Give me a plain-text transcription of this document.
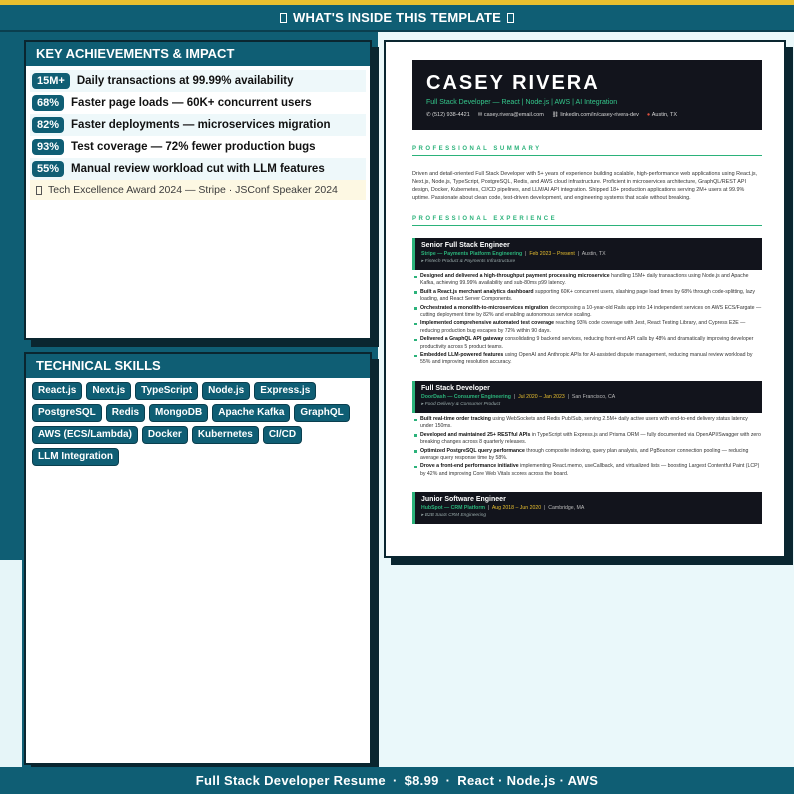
WHAT'S INSIDE THIS TEMPLATE
KEY ACHIEVEMENTS & IMPACT
15M+	Daily transactions at 99.99% availability
68%	Faster page loads — 60K+ concurrent users
82%	Faster deployments — microservices migration
93%	Test coverage — 72% fewer production bugs
55%	Manual review workload cut with LLM features
Tech Excellence Award 2024 — Stripe · JSConf Speaker 2024
TECHNICAL SKILLS
React.js	Next.js	TypeScript	Node.js	Express.js
PostgreSQL	Redis	MongoDB	Apache Kafka	GraphQL
AWS (ECS/Lambda)	Docker	Kubernetes	CI/CD
LLM Integration
CASEY RIVERA
Full Stack Developer — React | Node.js | AWS | AI Integration
✆ (512) 938-4421 ✉ casey.rivera@email.com ⛓ linkedin.com/in/casey-rivera-dev ● Austin, TX
PROFESSIONAL SUMMARY
Driven and detail-oriented Full Stack Developer with 5+ years of experience building scalable, high-performance web applications using React.js, Next.js, Node.js, TypeScript, PostgreSQL, Redis, and AWS cloud infrastructure. Proficient in microservices architecture, GraphQL/REST API design, Docker, Kubernetes, CI/CD pipelines, and LLM/AI API integration. Shipped 18+ production applications serving 2M+ users at 99.9% uptime. Passionate about clean code, test-driven development, and engineering systems that scale without breaking.
PROFESSIONAL EXPERIENCE
Senior Full Stack Engineer
Stripe — Payments Platform Engineering  |  Feb 2023 – Present  |  Austin, TX
▸ Fintech Product & Payments Infrastructure
Designed and delivered a high-throughput payment processing microservice handling 15M+ daily transactions using Node.js and Apache Kafka, achieving 99.99% availability and sub-80ms p99 latency.
Built a React.js merchant analytics dashboard supporting 60K+ concurrent users, slashing page load times by 68% through code-splitting, lazy loading, and React Server Components.
Orchestrated a monolith-to-microservices migration decomposing a 10-year-old Rails app into 14 independent services on AWS ECS/Fargate — cutting deployment time by 82% and enabling autonomous service scaling.
Implemented comprehensive automated test coverage reaching 93% code coverage with Jest, React Testing Library, and Cypress E2E — reducing production bug escapes by 72% within 90 days.
Delivered a GraphQL API gateway consolidating 9 backend services, reducing front-end API calls by 48% and dramatically improving developer productivity across 5 product teams.
Embedded LLM-powered features using OpenAI and Anthropic APIs for AI-assisted dispute management, reducing manual review workload by 55% and improving resolution accuracy.
Full Stack Developer
DoorDash — Consumer Engineering  |  Jul 2020 – Jan 2023  |  San Francisco, CA
▸ Food Delivery & Consumer Product
Built real-time order tracking using WebSockets and Redis Pub/Sub, serving 2.5M+ daily active users with end-to-end delivery status latency under 150ms.
Developed and maintained 25+ RESTful APIs in TypeScript with Express.js and Prisma ORM — fully documented via OpenAPI/Swagger with zero breaking changes across 8 quarterly releases.
Optimized PostgreSQL query performance through composite indexing, query plan analysis, and PgBouncer connection pooling — reducing average query response time by 58%.
Drove a front-end performance initiative implementing React.memo, useCallback, and virtualized lists — boosting Largest Contentful Paint (LCP) by 42% and improving Core Web Vitals scores across the board.
Junior Software Engineer
HubSpot — CRM Platform  |  Aug 2018 – Jun 2020  |  Cambridge, MA
▸ B2B SaaS CRM Engineering
Full Stack Developer Resume · $8.99 · React · Node.js · AWS
